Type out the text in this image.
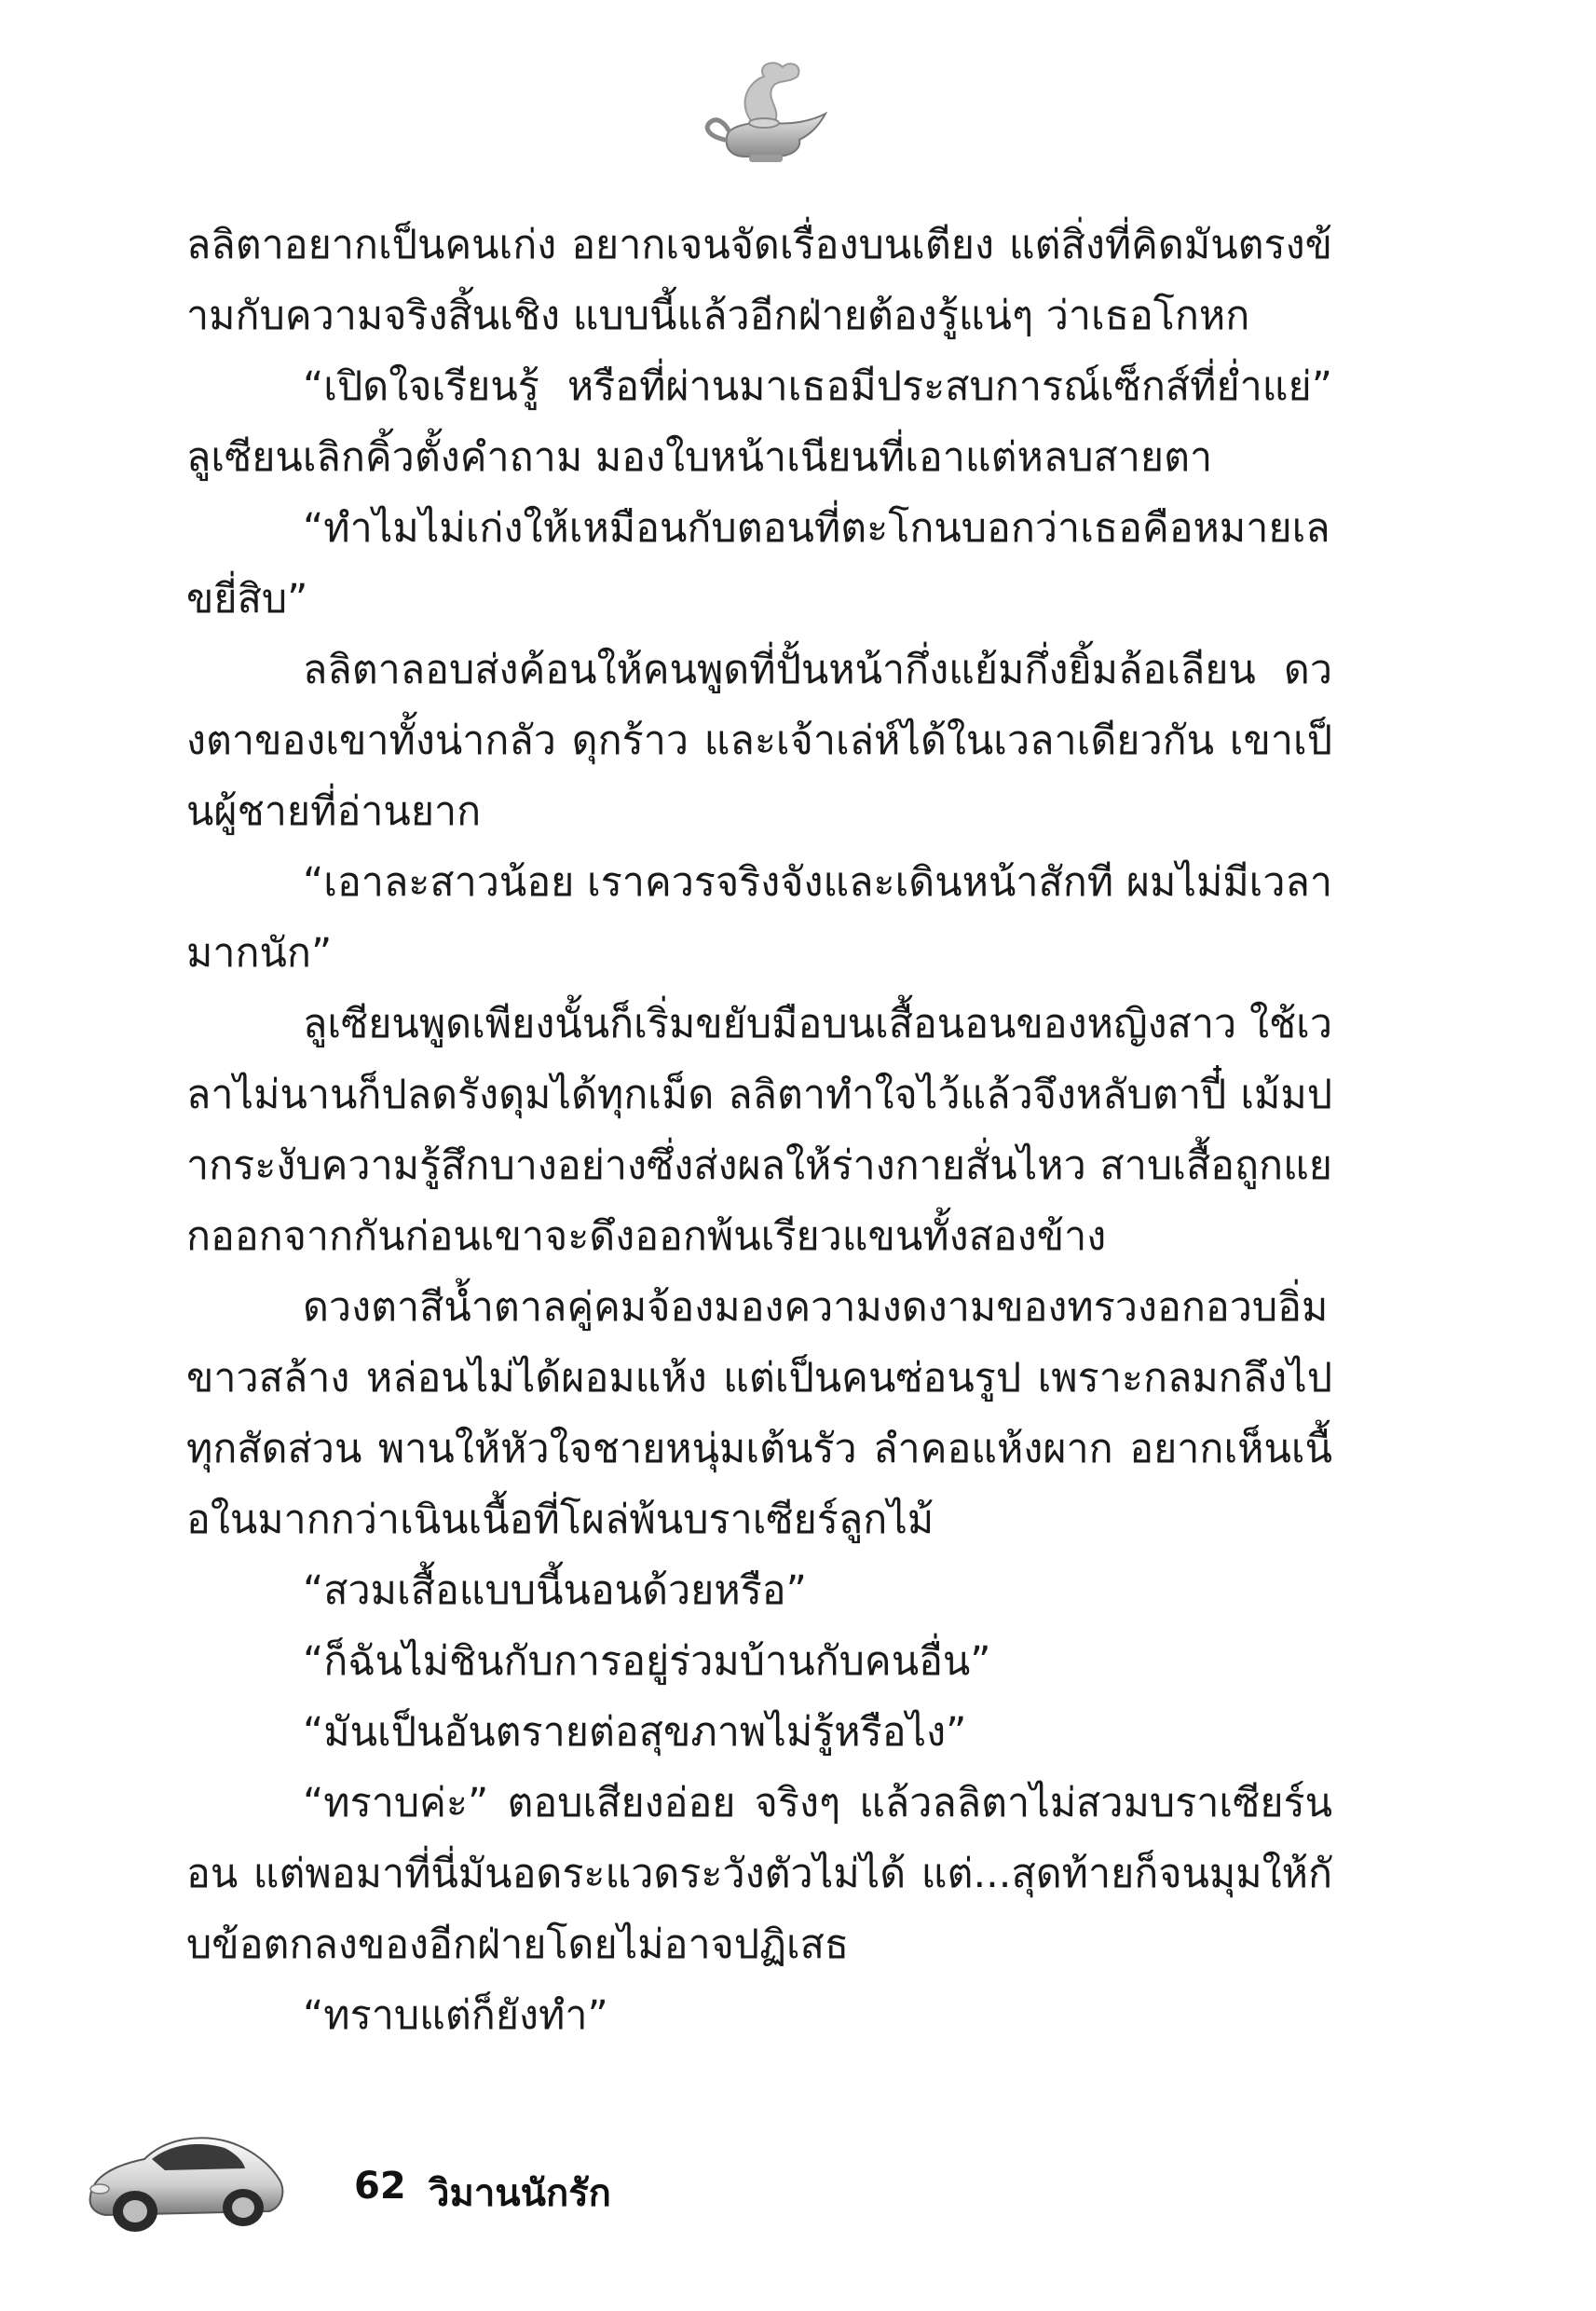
ลลิตาอยากเป็นคนเก่ง อยากเจนจัดเรื่องบนเตียง แต่สิ่งที่คิดมันตรงข้ามกับความจริงสิ้นเชิง แบบนี้แล้วอีกฝ่ายต้องรู้แน่ๆ ว่าเธอโกหก

“เปิดใจเรียนรู้ หรือที่ผ่านมาเธอมีประสบการณ์เซ็กส์ที่ย่ำแย่” ลูเซียนเลิกคิ้วตั้งคำถาม มองใบหน้าเนียนที่เอาแต่หลบสายตา

“ทำไมไม่เก่งให้เหมือนกับตอนที่ตะโกนบอกว่าเธอคือหมายเลขยี่สิบ”

ลลิตาลอบส่งค้อนให้คนพูดที่ปั้นหน้ากึ่งแย้มกึ่งยิ้มล้อเลียน ดวงตาของเขาทั้งน่ากลัว ดุกร้าว และเจ้าเล่ห์ได้ในเวลาเดียวกัน เขาเป็นผู้ชายที่อ่านยาก

“เอาละสาวน้อย เราควรจริงจังและเดินหน้าสักที ผมไม่มีเวลามากนัก”

ลูเซียนพูดเพียงนั้นก็เริ่มขยับมือบนเสื้อนอนของหญิงสาว ใช้เวลาไม่นานก็ปลดรังดุมได้ทุกเม็ด ลลิตาทำใจไว้แล้วจึงหลับตาปี๋ เม้มปากระงับความรู้สึกบางอย่างซึ่งส่งผลให้ร่างกายสั่นไหว สาบเสื้อถูกแยกออกจากกันก่อนเขาจะดึงออกพ้นเรียวแขนทั้งสองข้าง

ดวงตาสีน้ำตาลคู่คมจ้องมองความงดงามของทรวงอกอวบอิ่มขาวสล้าง หล่อนไม่ได้ผอมแห้ง แต่เป็นคนซ่อนรูป เพราะกลมกลึงไปทุกสัดส่วน พานให้หัวใจชายหนุ่มเต้นรัว ลำคอแห้งผาก อยากเห็นเนื้อในมากกว่าเนินเนื้อที่โผล่พ้นบราเซียร์ลูกไม้

“สวมเสื้อแบบนี้นอนด้วยหรือ”

“ก็ฉันไม่ชินกับการอยู่ร่วมบ้านกับคนอื่น”

“มันเป็นอันตรายต่อสุขภาพไม่รู้หรือไง”

“ทราบค่ะ” ตอบเสียงอ่อย จริงๆ แล้วลลิตาไม่สวมบราเซียร์นอน แต่พอมาที่นี่มันอดระแวดระวังตัวไม่ได้ แต่...สุดท้ายก็จนมุมให้กับข้อตกลงของอีกฝ่ายโดยไม่อาจปฏิเสธ

“ทราบแต่ก็ยังทำ”

62 วิมานนักรัก
